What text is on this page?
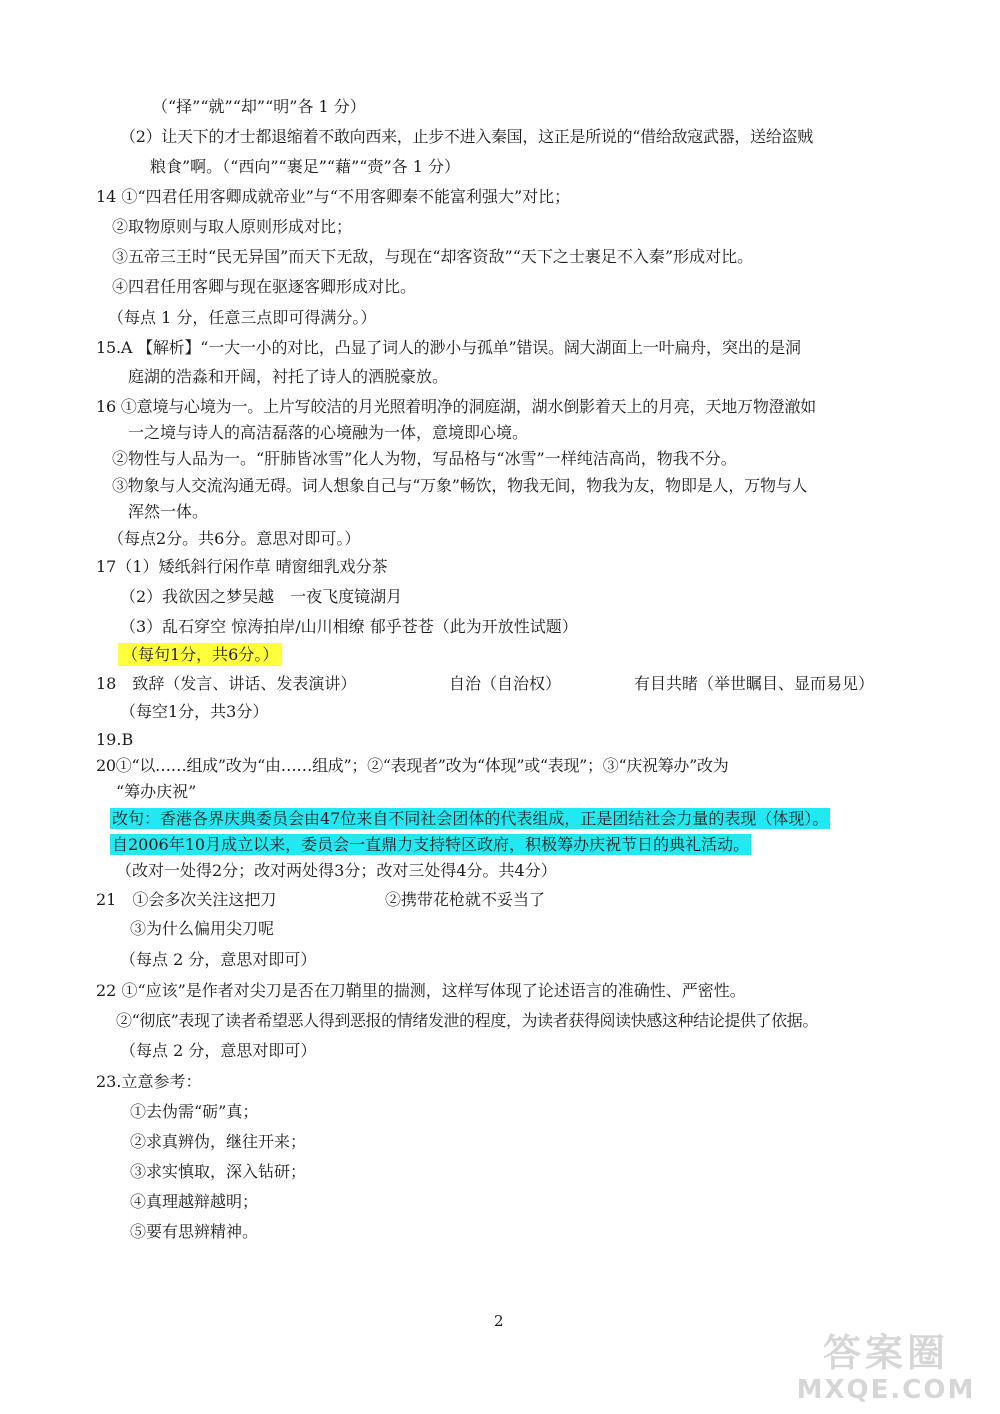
（“择”“就”“却”“明”各 1 分）
（2）让天下的才士都退缩着不敢向西来，止步不进入秦国，这正是所说的“借给敌寇武器，送给盗贼
粮食”啊。（“西向”“裹足”“藉”“赍”各 1 分）
14 ①“四君任用客卿成就帝业”与“不用客卿秦不能富利强大”对比；
②取物原则与取人原则形成对比；
③五帝三王时“民无异国”而天下无敌，与现在“却客资敌”“天下之士裹足不入秦”形成对比。
④四君任用客卿与现在驱逐客卿形成对比。
（每点 1 分，任意三点即可得满分。）
15.A 【解析】“一大一小的对比，凸显了词人的渺小与孤单”错误。阔大湖面上一叶扁舟，突出的是洞
庭湖的浩淼和开阔，衬托了诗人的洒脱豪放。
16 ①意境与心境为一。上片写皎洁的月光照着明净的洞庭湖，湖水倒影着天上的月亮，天地万物澄澈如
一之境与诗人的高洁磊落的心境融为一体，意境即心境。
②物性与人品为一。“肝肺皆冰雪”化人为物，写品格与“冰雪”一样纯洁高尚，物我不分。
③物象与人交流沟通无碍。词人想象自己与“万象”畅饮，物我无间，物我为友，物即是人，万物与人
浑然一体。
（每点2分。共6分。意思对即可。）
17（1）矮纸斜行闲作草 晴窗细乳戏分茶
（2）我欲因之梦吴越　一夜飞度镜湖月
（3）乱石穿空 惊涛拍岸/山川相缭 郁乎苍苍（此为开放性试题）
（每句1分，共6分。）
18　致辞（发言、讲话、发表演讲）	自治（自治权）	有目共睹（举世瞩目、显而易见）
（每空1分，共3分）
19.B
20①“以……组成”改为“由……组成”；②“表现者”改为“体现”或“表现”；③“庆祝筹办”改为
“筹办庆祝”
改句：香港各界庆典委员会由47位来自不同社会团体的代表组成，正是团结社会力量的表现（体现）。
自2006年10月成立以来，委员会一直鼎力支持特区政府，积极筹办庆祝节日的典礼活动。
（改对一处得2分；改对两处得3分；改对三处得4分。共4分）
21　①会多次关注这把刀	②携带花枪就不妥当了
③为什么偏用尖刀呢
（每点 2 分，意思对即可）
22 ①“应该”是作者对尖刀是否在刀鞘里的揣测，这样写体现了论述语言的准确性、严密性。
②“彻底”表现了读者希望恶人得到恶报的情绪发泄的程度，为读者获得阅读快感这种结论提供了依据。
（每点 2 分，意思对即可）
23.立意参考：
①去伪需“砺”真；
②求真辨伪，继往开来；
③求实慎取，深入钻研；
④真理越辩越明；
⑤要有思辨精神。
2
答案圈
MXQE.COM
